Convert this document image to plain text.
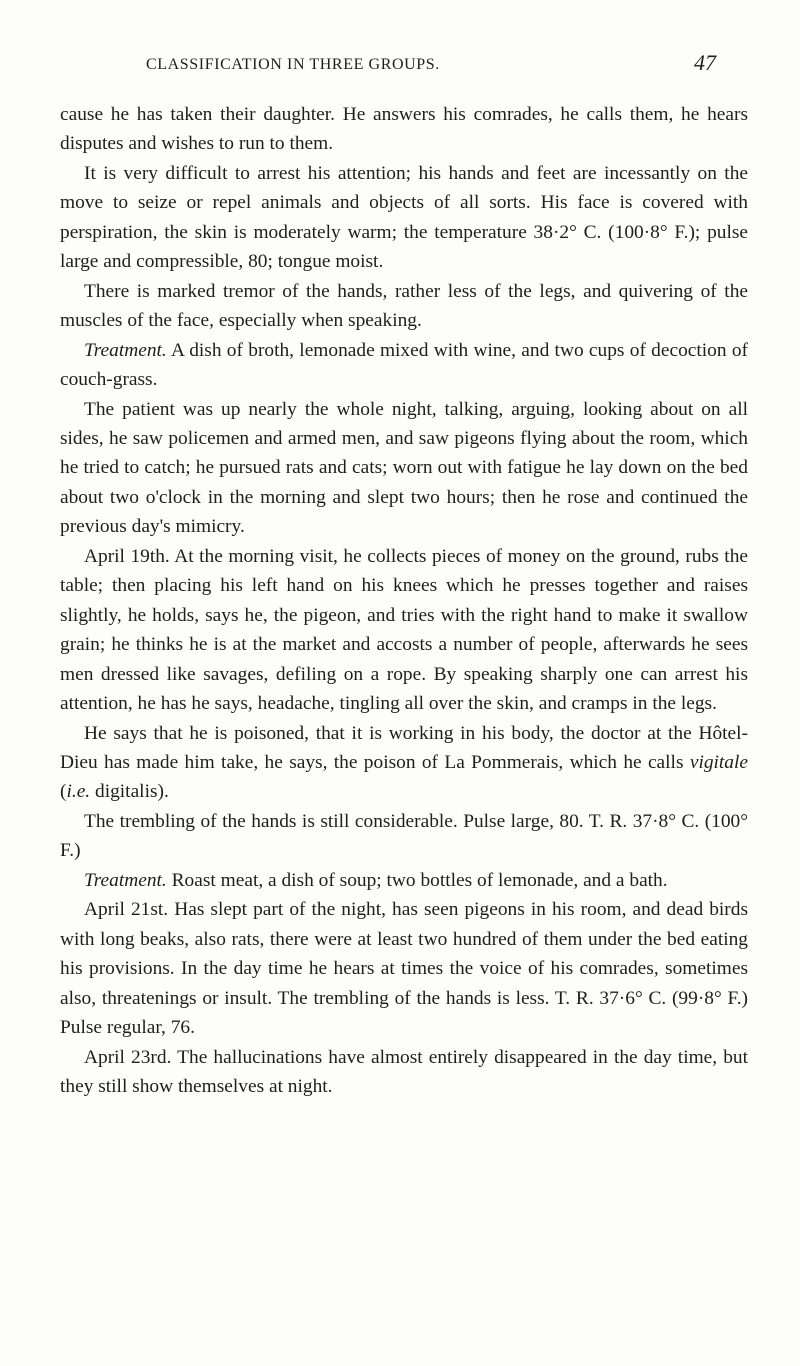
CLASSIFICATION IN THREE GROUPS.	47

cause he has taken their daughter. He answers his comrades, he calls them, he hears disputes and wishes to run to them.

It is very difficult to arrest his attention; his hands and feet are incessantly on the move to seize or repel animals and objects of all sorts. His face is covered with perspiration, the skin is moderately warm; the temperature 38·2° C. (100·8° F.); pulse large and compressible, 80; tongue moist.

There is marked tremor of the hands, rather less of the legs, and quivering of the muscles of the face, especially when speaking.

Treatment. A dish of broth, lemonade mixed with wine, and two cups of decoction of couch-grass.

The patient was up nearly the whole night, talking, arguing, looking about on all sides, he saw policemen and armed men, and saw pigeons flying about the room, which he tried to catch; he pursued rats and cats; worn out with fatigue he lay down on the bed about two o'clock in the morning and slept two hours; then he rose and continued the previous day's mimicry.

April 19th. At the morning visit, he collects pieces of money on the ground, rubs the table; then placing his left hand on his knees which he presses together and raises slightly, he holds, says he, the pigeon, and tries with the right hand to make it swallow grain; he thinks he is at the market and accosts a number of people, afterwards he sees men dressed like savages, defiling on a rope. By speaking sharply one can arrest his attention, he has he says, headache, tingling all over the skin, and cramps in the legs.

He says that he is poisoned, that it is working in his body, the doctor at the Hôtel-Dieu has made him take, he says, the poison of La Pommerais, which he calls vigitale (i.e. digitalis).

The trembling of the hands is still considerable. Pulse large, 80. T. R. 37·8° C. (100° F.)

Treatment. Roast meat, a dish of soup; two bottles of lemonade, and a bath.

April 21st. Has slept part of the night, has seen pigeons in his room, and dead birds with long beaks, also rats, there were at least two hundred of them under the bed eating his provisions. In the day time he hears at times the voice of his comrades, sometimes also, threatenings or insult. The trembling of the hands is less. T. R. 37·6° C. (99·8° F.) Pulse regular, 76.

April 23rd. The hallucinations have almost entirely disappeared in the day time, but they still show themselves at night.
